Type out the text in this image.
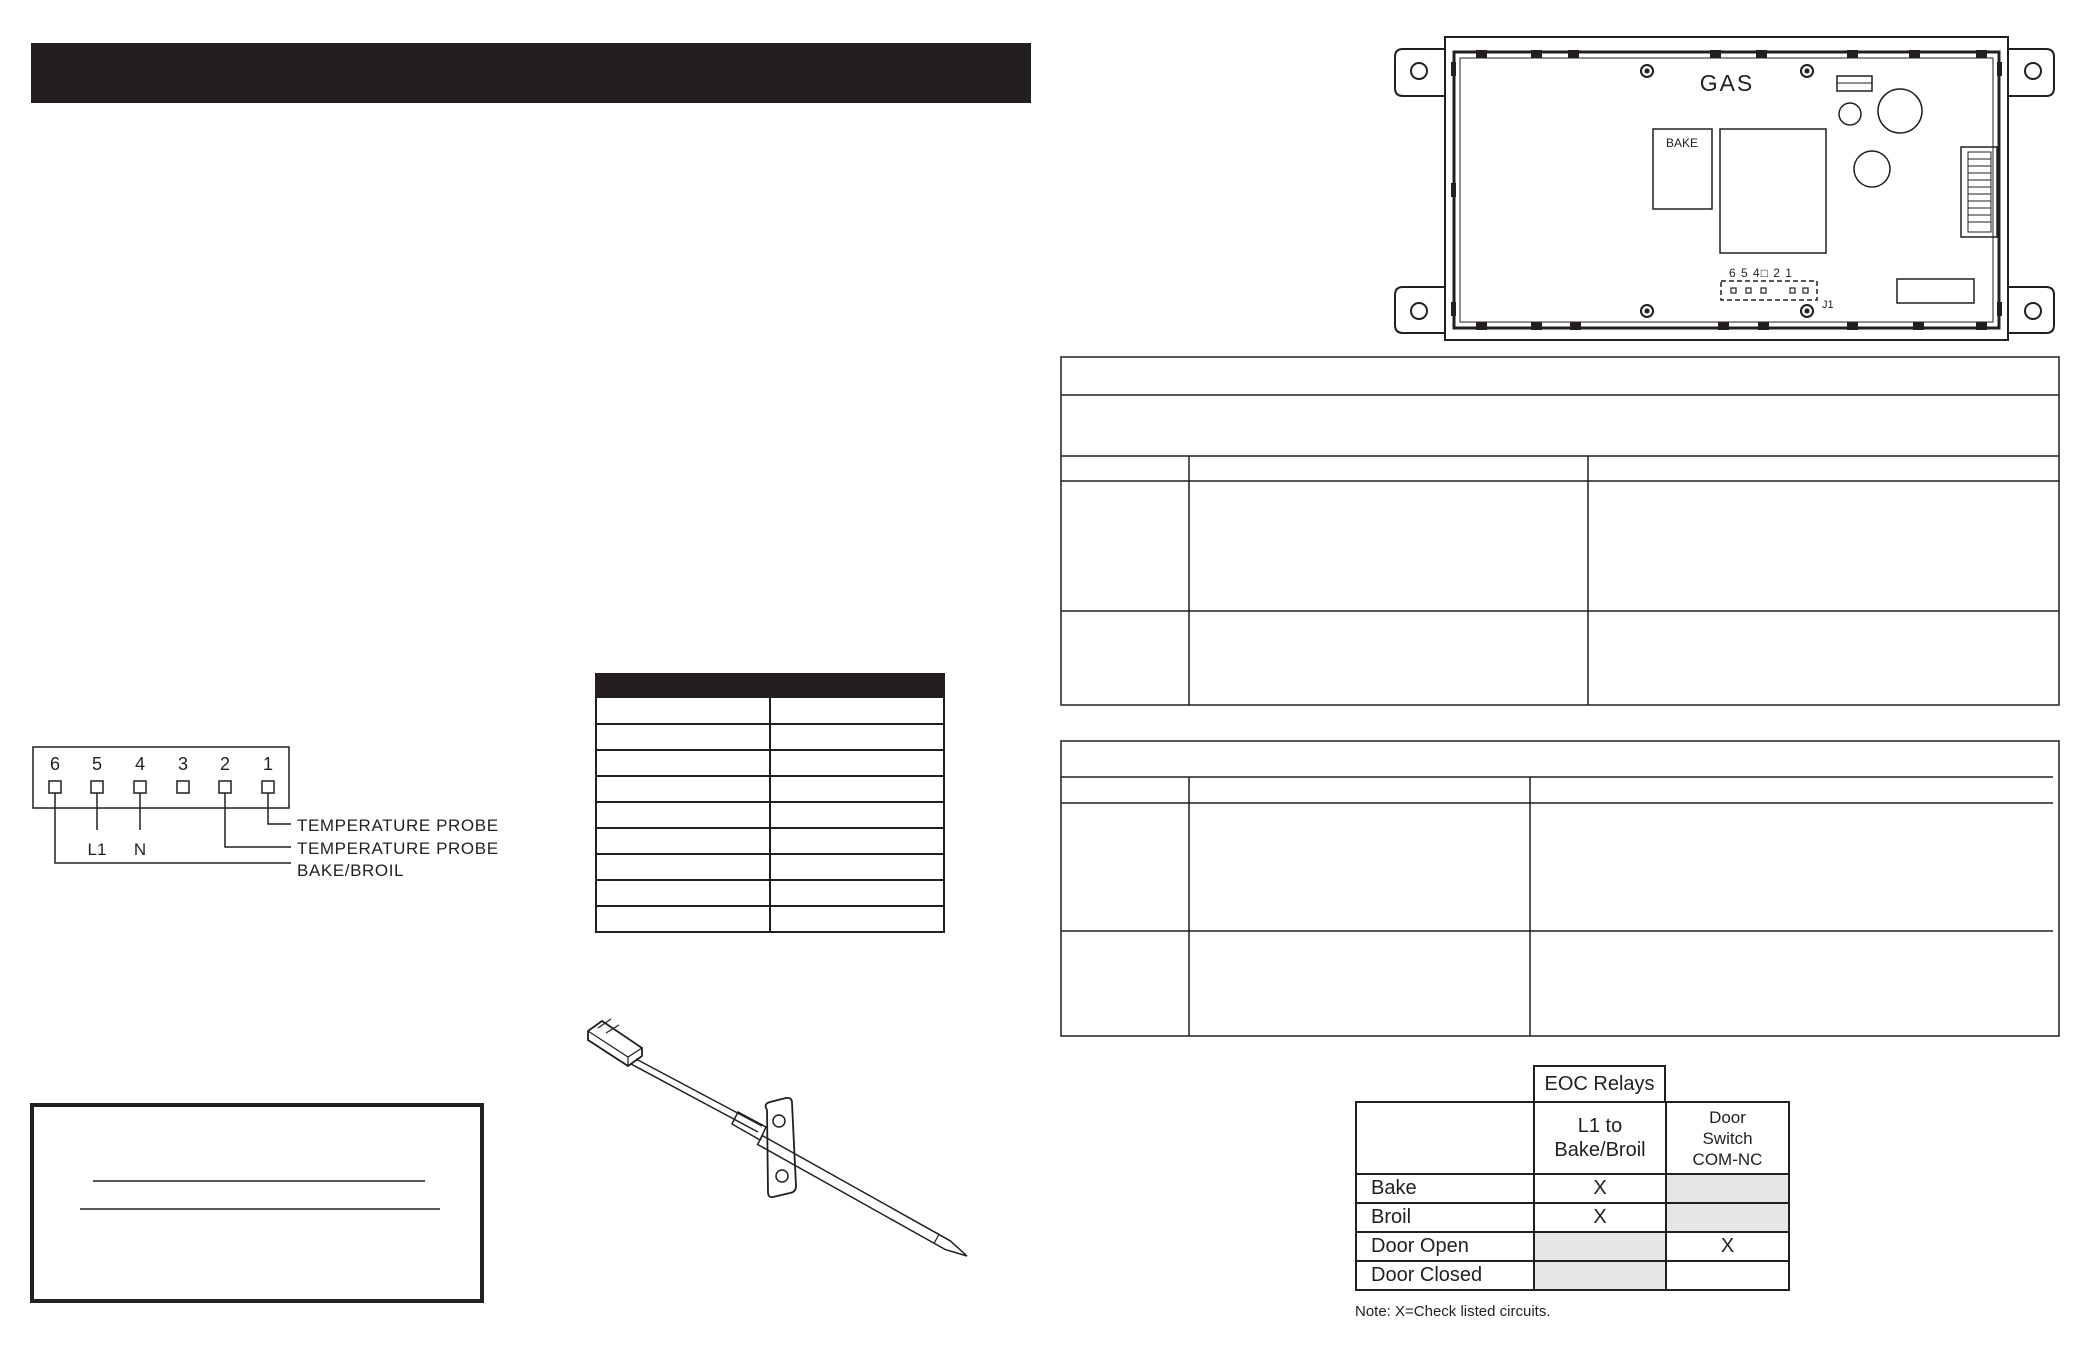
GAS
BAKE
6 5 4□ 2 1
J1
6 5 4 3 2 1
L1 N
TEMPERATURE PROBE
TEMPERATURE PROBE
BAKE/BROIL
EOC Relays
	L1 to
Bake/Broil	Door
Switch
COM-NC
Bake	X	
Broil	X	
Door Open		X
Door Closed		
Note: X=Check listed circuits.
